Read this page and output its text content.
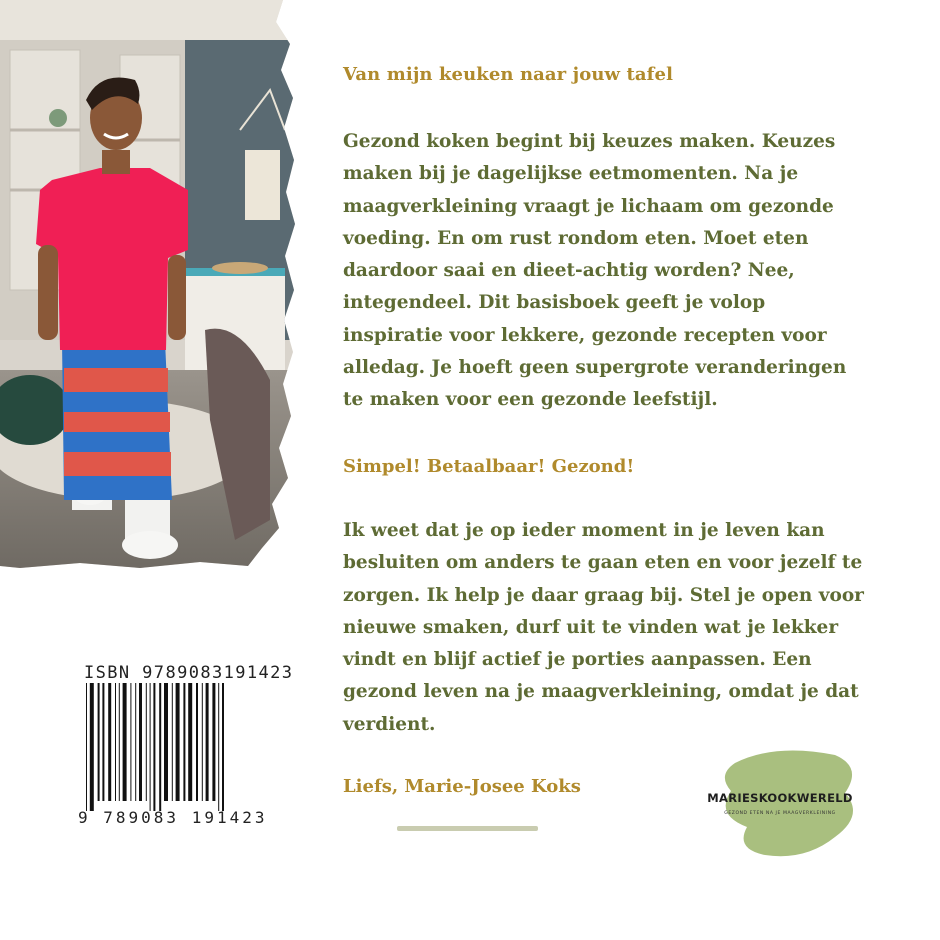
Van mijn keuken naar jouw tafel

Gezond koken begint bij keuzes maken. Keuzes
maken bij je dagelijkse eetmomenten. Na je
maagverkleining vraagt je lichaam om gezonde
voeding. En om rust rondom eten. Moet eten
daardoor saai en dieet-achtig worden? Nee,
integendeel. Dit basisboek geeft je volop
inspiratie voor lekkere, gezonde recepten voor
alledag. Je hoeft geen supergrote veranderingen
te maken voor een gezonde leefstijl.

Simpel! Betaalbaar! Gezond!

Ik weet dat je op ieder moment in je leven kan
besluiten om anders te gaan eten en voor jezelf te
zorgen. Ik help je daar graag bij. Stel je open voor
nieuwe smaken, durf uit te vinden wat je lekker
vindt en blijf actief je porties aanpassen. Een
gezond leven na je maagverkleining, omdat je dat
verdient.

Liefs, Marie-Josee Koks
ISBN 9789083191423
9 789083 191423
MARIESKOOKWERELD
GEZOND ETEN NA JE MAAGVERKLEINING
